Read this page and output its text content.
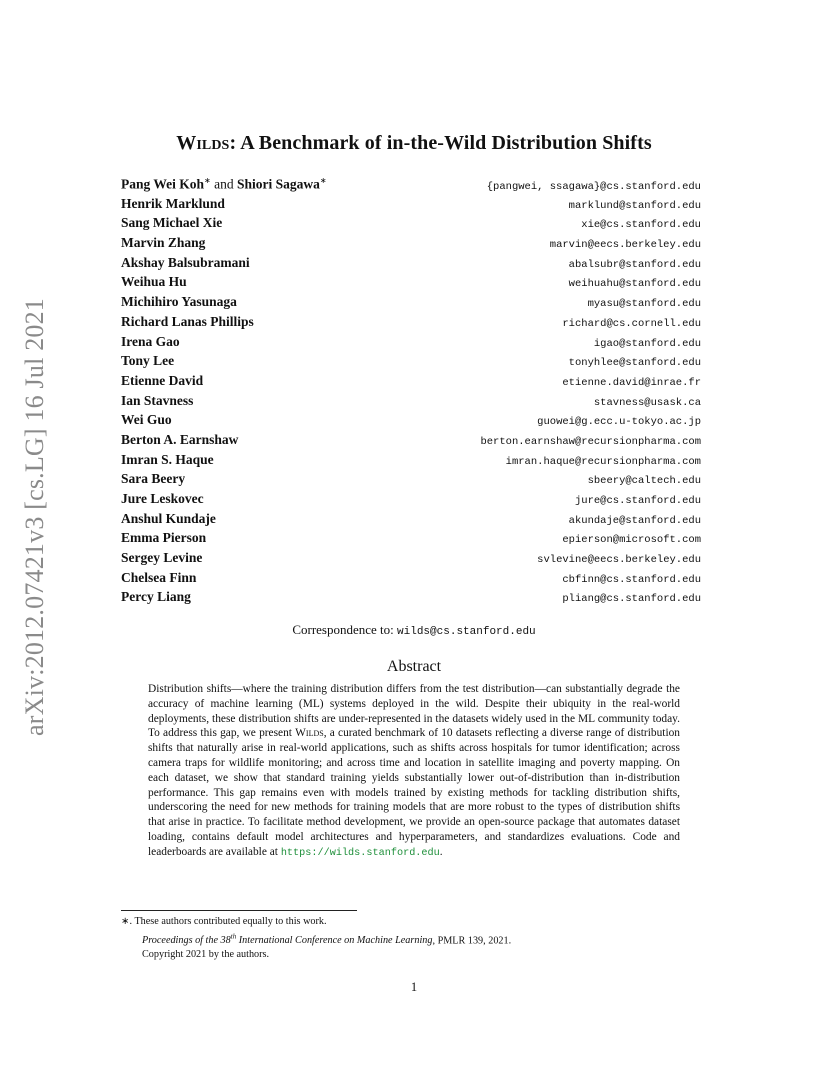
arXiv:2012.07421v3 [cs.LG] 16 Jul 2021
Wilds: A Benchmark of in-the-Wild Distribution Shifts
Pang Wei Koh∗ and Shiori Sagawa∗	{pangwei, ssagawa}@cs.stanford.edu
Henrik Marklund	marklund@stanford.edu
Sang Michael Xie	xie@cs.stanford.edu
Marvin Zhang	marvin@eecs.berkeley.edu
Akshay Balsubramani	abalsubr@stanford.edu
Weihua Hu	weihuahu@stanford.edu
Michihiro Yasunaga	myasu@stanford.edu
Richard Lanas Phillips	richard@cs.cornell.edu
Irena Gao	igao@stanford.edu
Tony Lee	tonyhlee@stanford.edu
Etienne David	etienne.david@inrae.fr
Ian Stavness	stavness@usask.ca
Wei Guo	guowei@g.ecc.u-tokyo.ac.jp
Berton A. Earnshaw	berton.earnshaw@recursionpharma.com
Imran S. Haque	imran.haque@recursionpharma.com
Sara Beery	sbeery@caltech.edu
Jure Leskovec	jure@cs.stanford.edu
Anshul Kundaje	akundaje@stanford.edu
Emma Pierson	epierson@microsoft.com
Sergey Levine	svlevine@eecs.berkeley.edu
Chelsea Finn	cbfinn@cs.stanford.edu
Percy Liang	pliang@cs.stanford.edu
Correspondence to: wilds@cs.stanford.edu
Abstract
Distribution shifts—where the training distribution differs from the test distribution—can substantially degrade the accuracy of machine learning (ML) systems deployed in the wild. Despite their ubiquity in the real-world deployments, these distribution shifts are under-represented in the datasets widely used in the ML community today. To address this gap, we present Wilds, a curated benchmark of 10 datasets reflecting a diverse range of distribution shifts that naturally arise in real-world applications, such as shifts across hospitals for tumor identification; across camera traps for wildlife monitoring; and across time and location in satellite imaging and poverty mapping. On each dataset, we show that standard training yields substantially lower out-of-distribution than in-distribution performance. This gap remains even with models trained by existing methods for tackling distribution shifts, underscoring the need for new methods for training models that are more robust to the types of distribution shifts that arise in practice. To facilitate method development, we provide an open-source package that automates dataset loading, contains default model architectures and hyperparameters, and standardizes evaluations. Code and leaderboards are available at https://wilds.stanford.edu.
∗. These authors contributed equally to this work.
Proceedings of the 38th International Conference on Machine Learning, PMLR 139, 2021.
Copyright 2021 by the authors.
1
